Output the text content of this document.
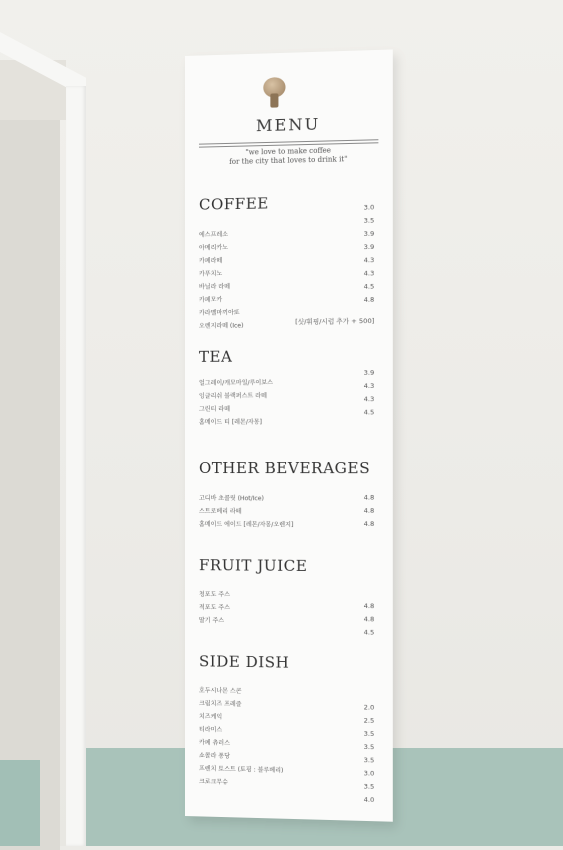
MENU
"we love to make coffee
for the city that loves to drink it"
COFFEE	3.0
3.5
3.9
3.9
4.3
4.3
4.5
4.8
에스프레소
아메리카노
카페라떼
카푸치노
바닐라 라떼
카페모카
카라멜마끼아또
오렌지라떼 (Ice)
[샷/휘핑/시럽 추가 + 500]
TEA
3.9
4.3
4.3
4.5
얼그레이/캐모마일/루이보스
잉글리쉬 블랙퍼스트 라떼
그린티 라떼
홈메이드 티 [레몬/자몽]
OTHER BEVERAGES
4.8
4.8
4.8
고디바 초콜릿 (Hot/Ice)
스트로베리 라떼
홈메이드 에이드 [레몬/자몽/오렌지]
FRUIT JUICE
4.8
4.8
4.5
청포도 주스
적포도 주스
딸기 주스
SIDE DISH
2.0
2.5
3.5
3.5
3.5
3.0
3.5
4.0
호두시나몬 스콘
크림치즈 프레즐
치즈케익
티라미스
카페 츄러스
쇼콜라 퐁당
프렌치 토스트 (토핑 : 블루베리)
크로크무슈
